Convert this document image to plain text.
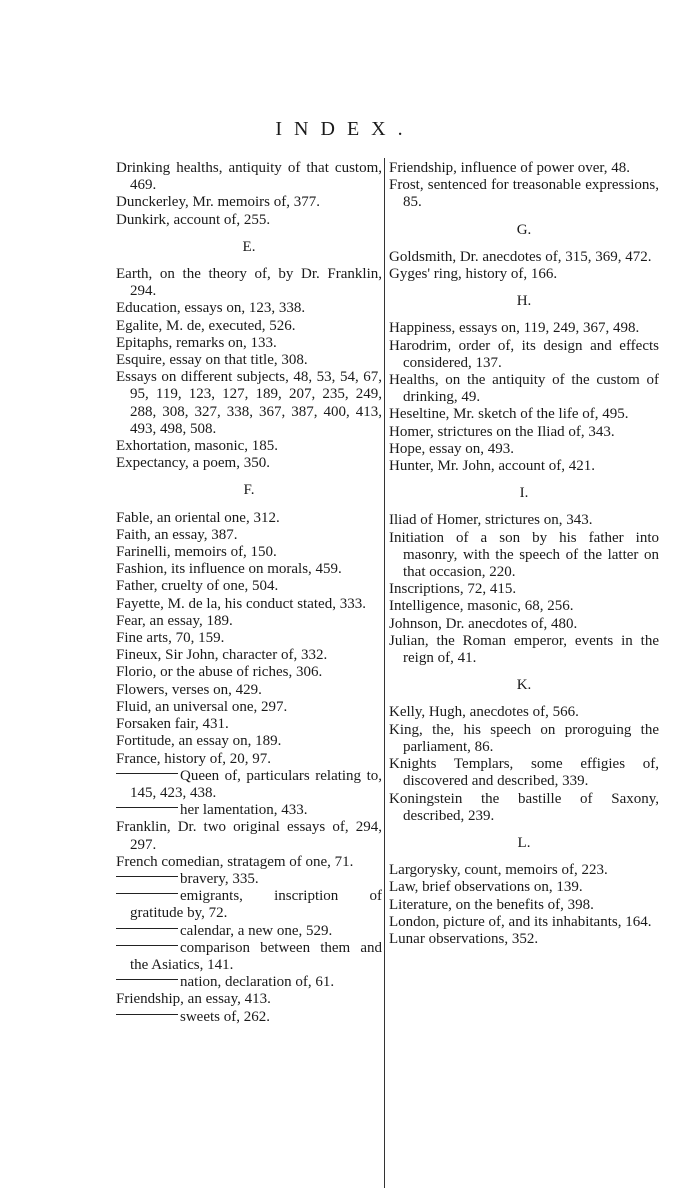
INDEX.
Drinking healths, antiquity of that custom, 469.
Dunckerley, Mr. memoirs of, 377.
Dunkirk, account of, 255.
E.
Earth, on the theory of, by Dr. Franklin, 294.
Education, essays on, 123, 338.
Egalite, M. de, executed, 526.
Epitaphs, remarks on, 133.
Esquire, essay on that title, 308.
Essays on different subjects, 48, 53, 54, 67, 95, 119, 123, 127, 189, 207, 235, 249, 288, 308, 327, 338, 367, 387, 400, 413, 493, 498, 508.
Exhortation, masonic, 185.
Expectancy, a poem, 350.
F.
Fable, an oriental one, 312.
Faith, an essay, 387.
Farinelli, memoirs of, 150.
Fashion, its influence on morals, 459.
Father, cruelty of one, 504.
Fayette, M. de la, his conduct stated, 333.
Fear, an essay, 189.
Fine arts, 70, 159.
Fineux, Sir John, character of, 332.
Florio, or the abuse of riches, 306.
Flowers, verses on, 429.
Fluid, an universal one, 297.
Forsaken fair, 431.
Fortitude, an essay on, 189.
France, history of, 20, 97.
Queen of, particulars relating to, 145, 423, 438.
her lamentation, 433.
Franklin, Dr. two original essays of, 294, 297.
French comedian, stratagem of one, 71.
bravery, 335.
emigrants, inscription of gratitude by, 72.
calendar, a new one, 529.
comparison between them and the Asiatics, 141.
nation, declaration of, 61.
Friendship, an essay, 413.
sweets of, 262.
Friendship, influence of power over, 48.
Frost, sentenced for treasonable expressions, 85.
G.
Goldsmith, Dr. anecdotes of, 315, 369, 472.
Gyges' ring, history of, 166.
H.
Happiness, essays on, 119, 249, 367, 498.
Harodrim, order of, its design and effects considered, 137.
Healths, on the antiquity of the custom of drinking, 49.
Heseltine, Mr. sketch of the life of, 495.
Homer, strictures on the Iliad of, 343.
Hope, essay on, 493.
Hunter, Mr. John, account of, 421.
I.
Iliad of Homer, strictures on, 343.
Initiation of a son by his father into masonry, with the speech of the latter on that occasion, 220.
Inscriptions, 72, 415.
Intelligence, masonic, 68, 256.
Johnson, Dr. anecdotes of, 480.
Julian, the Roman emperor, events in the reign of, 41.
K.
Kelly, Hugh, anecdotes of, 566.
King, the, his speech on proroguing the parliament, 86.
Knights Templars, some effigies of, discovered and described, 339.
Koningstein the bastille of Saxony, described, 239.
L.
Largorysky, count, memoirs of, 223.
Law, brief observations on, 139.
Literature, on the benefits of, 398.
London, picture of, and its inhabitants, 164.
Lunar observations, 352.
